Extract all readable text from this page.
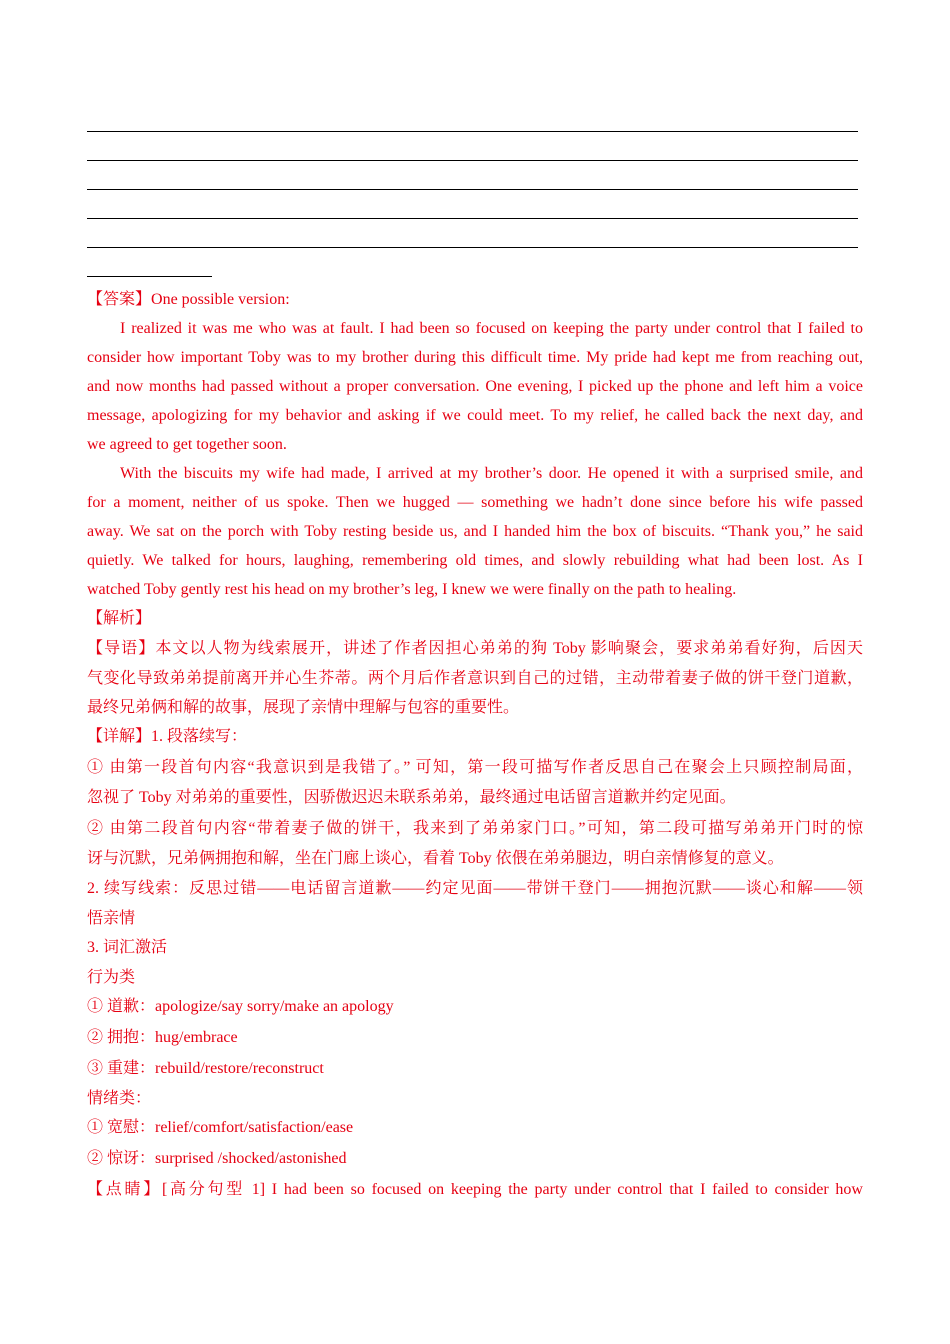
【答案】One possible version:
I realized it was me who was at fault. I had been so focused on keeping the party under control that I failed to
consider how important Toby was to my brother during this difficult time. My pride had kept me from reaching out,
and now months had passed without a proper conversation. One evening, I picked up the phone and left him a voice
message, apologizing for my behavior and asking if we could meet. To my relief, he called back the next day, and
we agreed to get together soon.
With the biscuits my wife had made, I arrived at my brother’s door. He opened it with a surprised smile, and
for a moment, neither of us spoke. Then we hugged — something we hadn’t done since before his wife passed
away. We sat on the porch with Toby resting beside us, and I handed him the box of biscuits. “Thank you,” he said
quietly. We talked for hours, laughing, remembering old times, and slowly rebuilding what had been lost. As I
watched Toby gently rest his head on my brother’s leg, I knew we were finally on the path to healing.
【解析】
【导语】本文以人物为线索展开，讲述了作者因担心弟弟的狗 Toby 影响聚会，要求弟弟看好狗，后因天
气变化导致弟弟提前离开并心生芥蒂。两个月后作者意识到自己的过错，主动带着妻子做的饼干登门道歉，
最终兄弟俩和解的故事，展现了亲情中理解与包容的重要性。
【详解】1. 段落续写：
① 由第一段首句内容“我意识到是我错了。” 可知，第一段可描写作者反思自己在聚会上只顾控制局面，
忽视了 Toby 对弟弟的重要性，因骄傲迟迟未联系弟弟，最终通过电话留言道歉并约定见面。
② 由第二段首句内容“带着妻子做的饼干，我来到了弟弟家门口。”可知，第二段可描写弟弟开门时的惊
讶与沉默，兄弟俩拥抱和解，坐在门廊上谈心，看着 Toby 依偎在弟弟腿边，明白亲情修复的意义。
2. 续写线索：反思过错——电话留言道歉——约定见面——带饼干登门——拥抱沉默——谈心和解——领
悟亲情
3. 词汇激活
行为类
① 道歉：apologize/say sorry/make an apology
② 拥抱：hug/embrace
③ 重建：rebuild/restore/reconstruct
情绪类：
① 宽慰：relief/comfort/satisfaction/ease
② 惊讶：surprised /shocked/astonished
【点睛】[高分句型 1] I had been so focused on keeping the party under control that I failed to consider how
